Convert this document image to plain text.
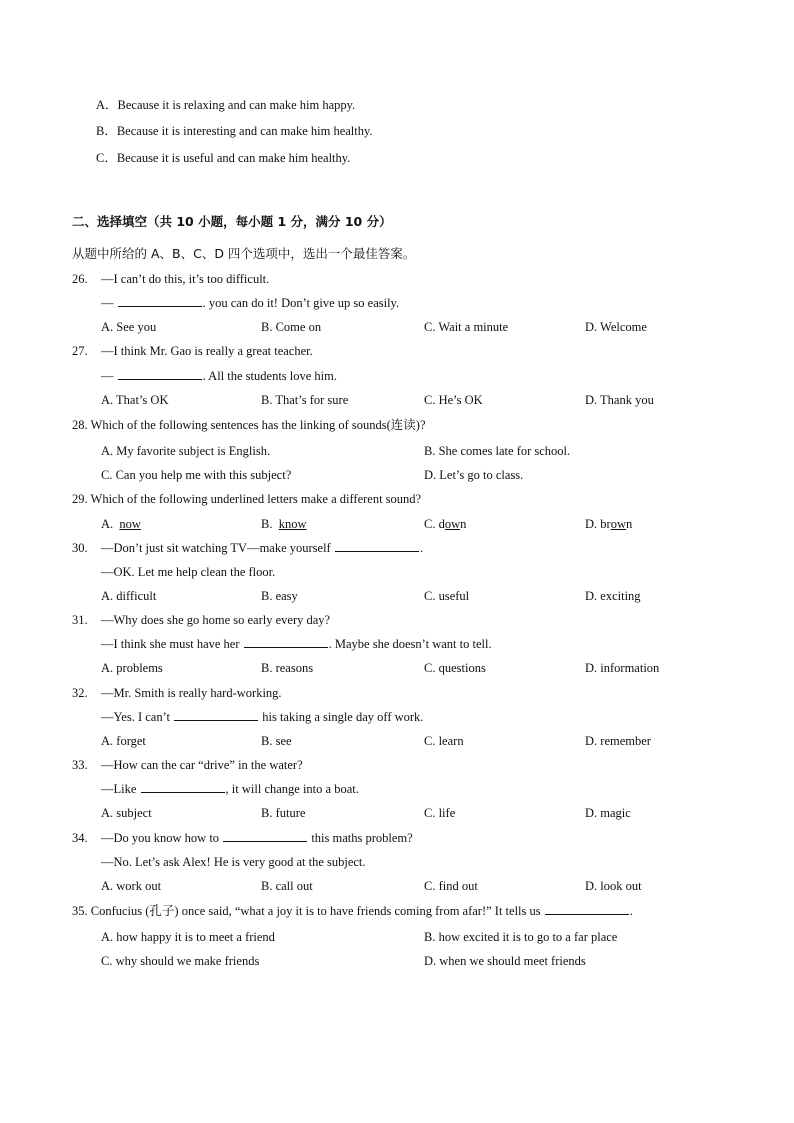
A．Because it is relaxing and can make him happy.
B．Because it is interesting and can make him healthy.
C．Because it is useful and can make him healthy.
二、选择填空（共 10 小题，每小题 1 分，满分 10 分）
从题中所给的 A、B、C、D 四个选项中，选出一个最佳答案。
26. —I can’t do this, it’s too difficult.
—	. you can do it! Don’t give up so easily.
A. See you	B. Come on	C. Wait a minute	D. Welcome
27. —I think Mr. Gao is really a great teacher.
—	. All the students love him.
A. That’s OK	B. That’s for sure	C. He’s OK	D. Thank you
28. Which of the following sentences has the linking of sounds(连读)?
A. My favorite subject is English.	B. She comes late for school.
C. Can you help me with this subject?	D. Let’s go to class.
29. Which of the following underlined letters make a different sound?
A.  now	B.  know	C. down	D. brown
30. —Don’t just sit watching TV—make yourself	.
—OK. Let me help clean the floor.
A. difficult	B. easy	C. useful	D. exciting
31. —Why does she go home so early every day?
—I think she must have her	. Maybe she doesn’t want to tell.
A. problems	B. reasons	C. questions	D. information
32. —Mr. Smith is really hard-working.
—Yes. I can’t	his taking a single day off work.
A. forget	B. see	C. learn	D. remember
33. —How can the car “drive” in the water?
—Like	, it will change into a boat.
A. subject	B. future	C. life	D. magic
34. —Do you know how to	this maths problem?
—No. Let’s ask Alex! He is very good at the subject.
A. work out	B. call out	C. find out	D. look out
35. Confucius (孔子) once said, “what a joy it is to have friends coming from afar!” It tells us	.
A. how happy it is to meet a friend	B. how excited it is to go to a far place
C. why should we make friends	D. when we should meet friends
